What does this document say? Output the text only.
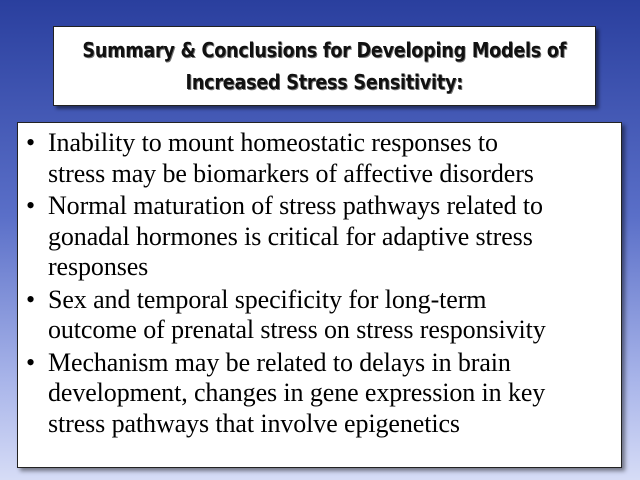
Summary & Conclusions for Developing Models of
Increased Stress Sensitivity:
• Inability to mount homeostatic responses to
stress may be biomarkers of affective disorders
• Normal maturation of stress pathways related to
gonadal hormones is critical for adaptive stress
responses
• Sex and temporal specificity for long-term
outcome of prenatal stress on stress responsivity
• Mechanism may be related to delays in brain
development, changes in gene expression in key
stress pathways that involve epigenetics
